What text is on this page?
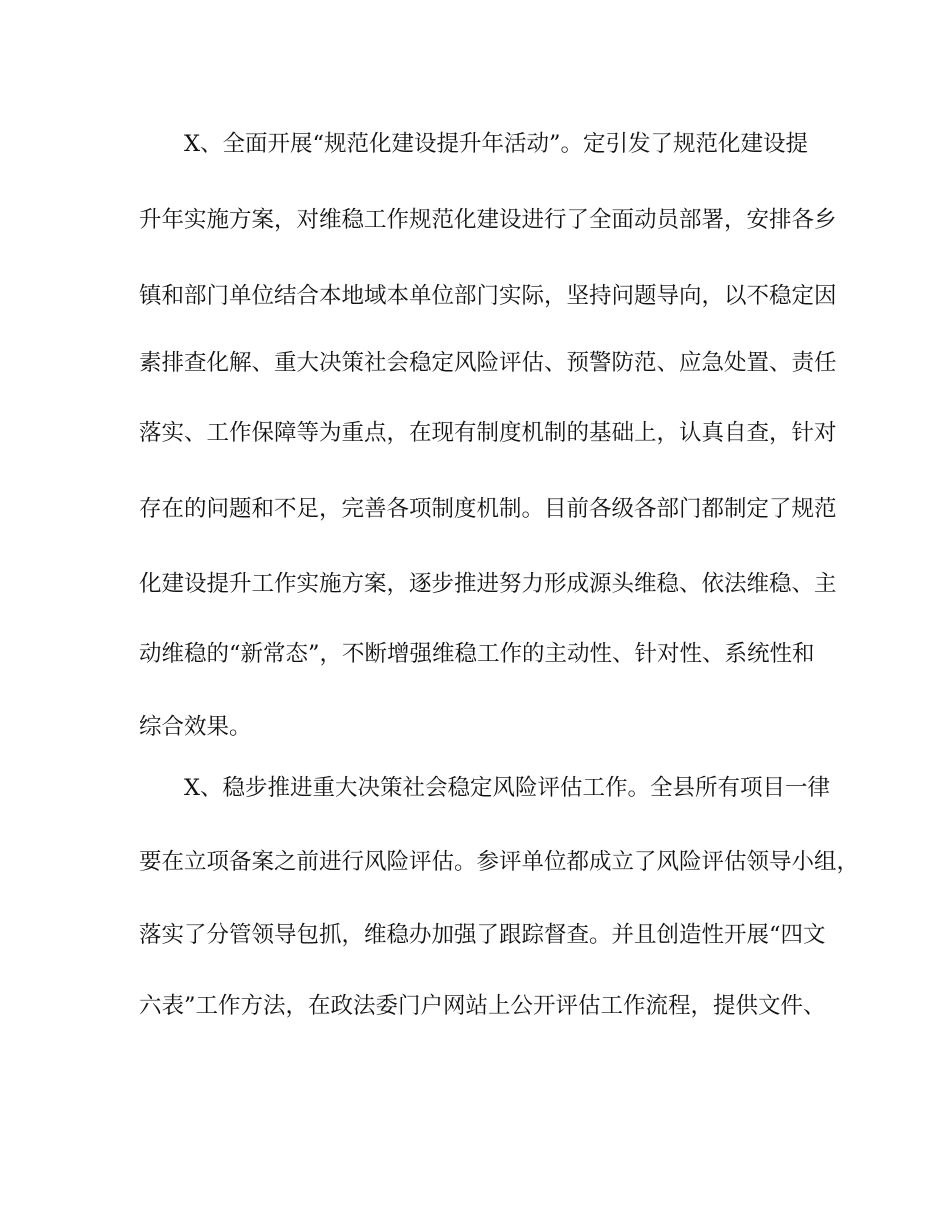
X、全面开展“规范化建设提升年活动”。定引发了规范化建设提
升年实施方案，对维稳工作规范化建设进行了全面动员部署，安排各乡
镇和部门单位结合本地域本单位部门实际，坚持问题导向，以不稳定因
素排查化解、重大决策社会稳定风险评估、预警防范、应急处置、责任
落实、工作保障等为重点，在现有制度机制的基础上，认真自查，针对
存在的问题和不足，完善各项制度机制。目前各级各部门都制定了规范
化建设提升工作实施方案，逐步推进努力形成源头维稳、依法维稳、主
动维稳的“新常态”，不断增强维稳工作的主动性、针对性、系统性和
综合效果。
X、稳步推进重大决策社会稳定风险评估工作。全县所有项目一律
要在立项备案之前进行风险评估。参评单位都成立了风险评估领导小组，
落实了分管领导包抓，维稳办加强了跟踪督查。并且创造性开展“四文
六表”工作方法，在政法委门户网站上公开评估工作流程，提供文件、
